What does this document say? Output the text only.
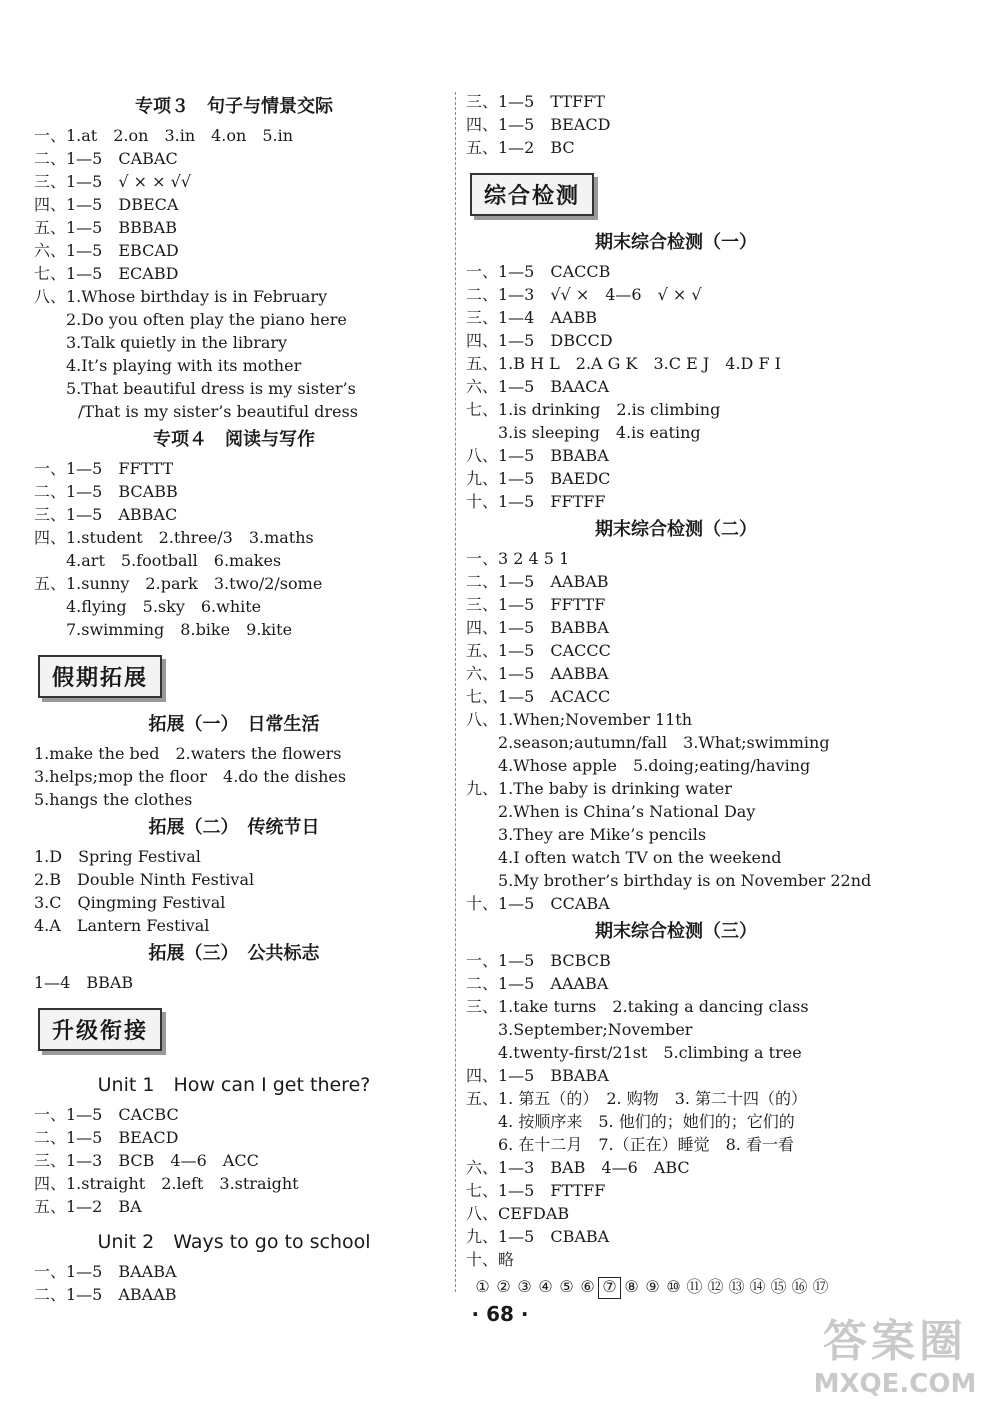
专项３　句子与情景交际
一、1.at　2.on　3.in　4.on　5.in
二、1—5　CABAC
三、1—5　√ × × √√
四、1—5　DBECA
五、1—5　BBBAB
六、1—5　EBCAD
七、1—5　ECABD
八、1.Whose birthday is in February
2.Do you often play the piano here
3.Talk quietly in the library
4.It’s playing with its mother
5.That beautiful dress is my sister’s
/That is my sister’s beautiful dress
专项４　阅读与写作
一、1—5　FFTTT
二、1—5　BCABB
三、1—5　ABBAC
四、1.student　2.three/3　3.maths
4.art　5.football　6.makes
五、1.sunny　2.park　3.two/2/some
4.flying　5.sky　6.white
7.swimming　8.bike　9.kite
假期拓展
拓展（一）　日常生活
1.make the bed　2.waters the flowers
3.helps;mop the floor　4.do the dishes
5.hangs the clothes
拓展（二）　传统节日
1.D　Spring Festival
2.B　Double Ninth Festival
3.C　Qingming Festival
4.A　Lantern Festival
拓展（三）　公共标志
1—4　BBAB
升级衔接
Unit 1　How can I get there?
一、1—5　CACBC
二、1—5　BEACD
三、1—3　BCB　4—6　ACC
四、1.straight　2.left　3.straight
五、1—2　BA
Unit 2　Ways to go to school
一、1—5　BAABA
二、1—5　ABAAB
三、1—5　TTFFT
四、1—5　BEACD
五、1—2　BC
综合检测
期末综合检测（一）
一、1—5　CACCB
二、1—3　√√ ×　4—6　√ × √
三、1—4　AABB
四、1—5　DBCCD
五、1.B H L　2.A G K　3.C E J　4.D F I
六、1—5　BAACA
七、1.is drinking　2.is climbing
3.is sleeping　4.is eating
八、1—5　BBABA
九、1—5　BAEDC
十、1—5　FFTFF
期末综合检测（二）
一、3 2 4 5 1
二、1—5　AABAB
三、1—5　FFTTF
四、1—5　BABBA
五、1—5　CACCC
六、1—5　AABBA
七、1—5　ACACC
八、1.When;November 11th
2.season;autumn/fall　3.What;swimming
4.Whose apple　5.doing;eating/having
九、1.The baby is drinking water
2.When is China’s National Day
3.They are Mike’s pencils
4.I often watch TV on the weekend
5.My brother’s birthday is on November 22nd
十、1—5　CCABA
期末综合检测（三）
一、1—5　BCBCB
二、1—5　AAABA
三、1.take turns　2.taking a dancing class
3.September;November
4.twenty-first/21st　5.climbing a tree
四、1—5　BBABA
五、1. 第五（的）　2. 购物　3. 第二十四（的）
4. 按顺序来　5. 他们的；她们的；它们的
6. 在十二月　7.（正在）睡觉　8. 看一看
六、1—3　BAB　4—6　ABC
七、1—5　FTTFF
八、CEFDAB
九、1—5　CBABA
十、略
① ② ③ ④ ⑤ ⑥ ⑦ ⑧ ⑨ ⑩ ⑪ ⑫ ⑬ ⑭ ⑮ ⑯ ⑰
· 68 ·
答案圈
MXQE.COM
